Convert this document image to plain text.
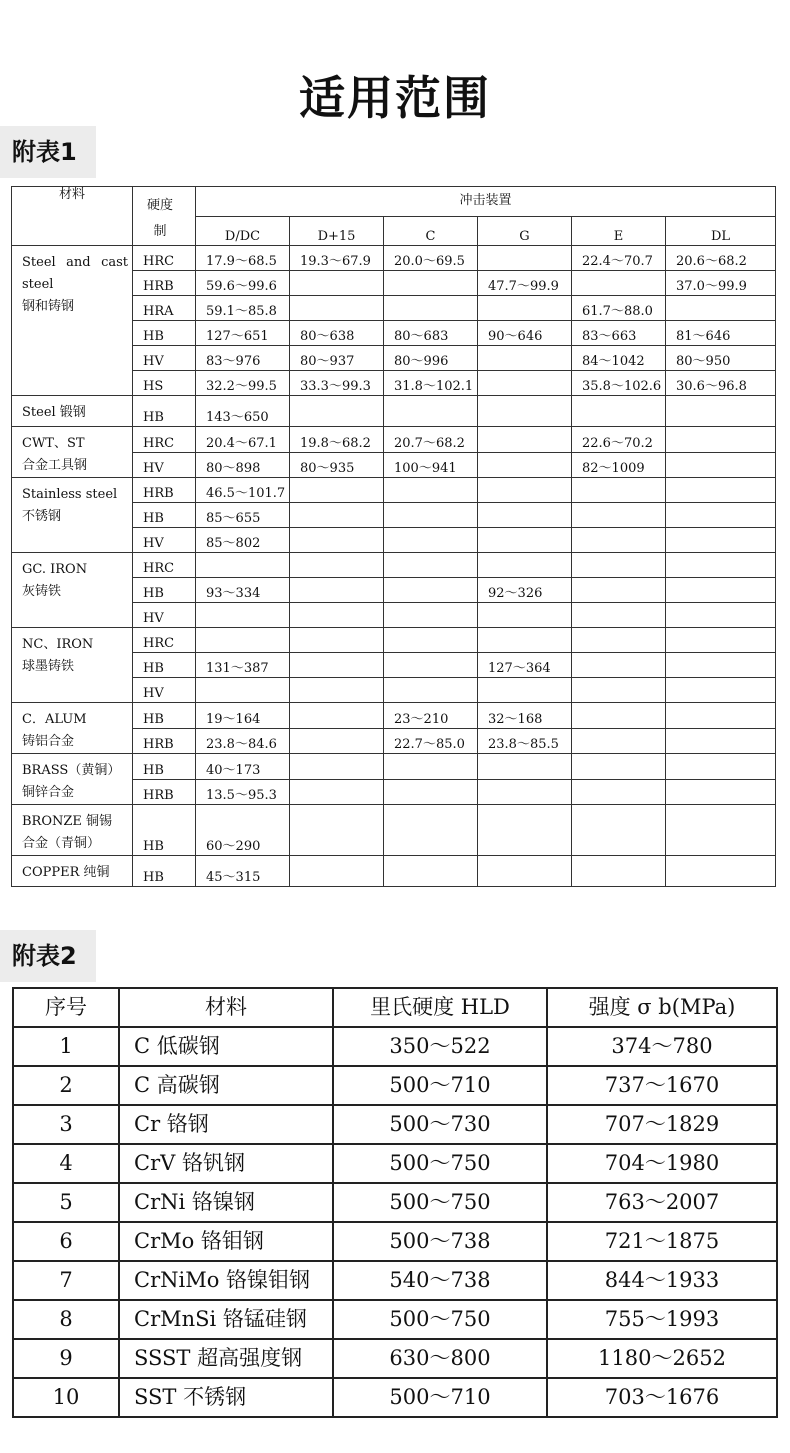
适用范围
附表1
材料	硬度制	冲击装置					
		D/DC	D+15	C	G	E	DL

Steel and cast steel
钢和铸钢	HRC	17.9～68.5	19.3～67.9	20.0～69.5		22.4～70.7	20.6～68.2
	HRB	59.6～99.6			47.7～99.9		37.0～99.9
	HRA	59.1～85.8				61.7～88.0	
	HB	127～651	80～638	80～683	90～646	83～663	81～646
	HV	83～976	80～937	80～996		84～1042	80～950
	HS	32.2～99.5	33.3～99.3	31.8～102.1		35.8～102.6	30.6～96.8

Steel 锻钢	HB	143～650					

CWT、ST
合金工具钢	HRC	20.4～67.1	19.8～68.2	20.7～68.2		22.6～70.2	
	HV	80～898	80～935	100～941		82～1009	

Stainless steel
不锈钢	HRB	46.5～101.7					
	HB	85～655					
	HV	85～802					

GC. IRON
灰铸铁	HRC						
	HB	93～334			92～326		
	HV						

NC、IRON
球墨铸铁	HRC						
	HB	131～387			127～364		
	HV						

C．ALUM
铸铝合金	HB	19～164		23～210	32～168		
	HRB	23.8～84.6		22.7～85.0	23.8～85.5		

BRASS（黄铜）
铜锌合金	HB	40～173					
	HRB	13.5～95.3					

BRONZE 铜锡
合金（青铜）	HB	60～290					

COPPER 纯铜	HB	45～315					
附表2
序号	材料	里氏硬度 HLD	强度 σ b(MPa)
1	C 低碳钢	350～522	374～780
2	C 高碳钢	500～710	737～1670
3	Cr 铬钢	500～730	707～1829
4	CrV 铬钒钢	500～750	704～1980
5	CrNi 铬镍钢	500～750	763～2007
6	CrMo 铬钼钢	500～738	721～1875
7	CrNiMo 铬镍钼钢	540～738	844～1933
8	CrMnSi 铬锰硅钢	500～750	755～1993
9	SSST 超高强度钢	630～800	1180～2652
10	SST 不锈钢	500～710	703～1676
